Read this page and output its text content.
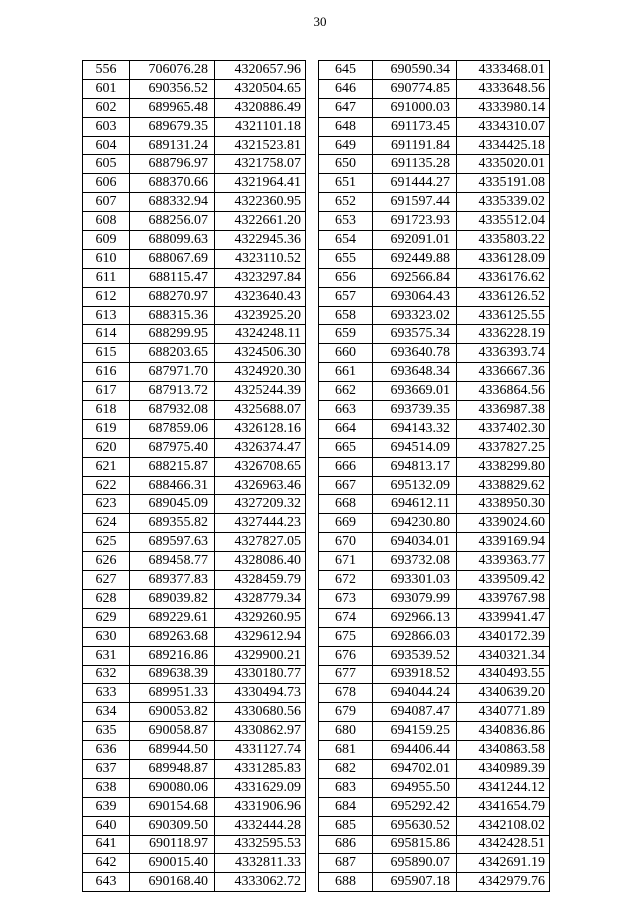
30
556	706076.28	4320657.96
601	690356.52	4320504.65
602	689965.48	4320886.49
603	689679.35	4321101.18
604	689131.24	4321523.81
605	688796.97	4321758.07
606	688370.66	4321964.41
607	688332.94	4322360.95
608	688256.07	4322661.20
609	688099.63	4322945.36
610	688067.69	4323110.52
611	688115.47	4323297.84
612	688270.97	4323640.43
613	688315.36	4323925.20
614	688299.95	4324248.11
615	688203.65	4324506.30
616	687971.70	4324920.30
617	687913.72	4325244.39
618	687932.08	4325688.07
619	687859.06	4326128.16
620	687975.40	4326374.47
621	688215.87	4326708.65
622	688466.31	4326963.46
623	689045.09	4327209.32
624	689355.82	4327444.23
625	689597.63	4327827.05
626	689458.77	4328086.40
627	689377.83	4328459.79
628	689039.82	4328779.34
629	689229.61	4329260.95
630	689263.68	4329612.94
631	689216.86	4329900.21
632	689638.39	4330180.77
633	689951.33	4330494.73
634	690053.82	4330680.56
635	690058.87	4330862.97
636	689944.50	4331127.74
637	689948.87	4331285.83
638	690080.06	4331629.09
639	690154.68	4331906.96
640	690309.50	4332444.28
641	690118.97	4332595.53
642	690015.40	4332811.33
643	690168.40	4333062.72
645	690590.34	4333468.01
646	690774.85	4333648.56
647	691000.03	4333980.14
648	691173.45	4334310.07
649	691191.84	4334425.18
650	691135.28	4335020.01
651	691444.27	4335191.08
652	691597.44	4335339.02
653	691723.93	4335512.04
654	692091.01	4335803.22
655	692449.88	4336128.09
656	692566.84	4336176.62
657	693064.43	4336126.52
658	693323.02	4336125.55
659	693575.34	4336228.19
660	693640.78	4336393.74
661	693648.34	4336667.36
662	693669.01	4336864.56
663	693739.35	4336987.38
664	694143.32	4337402.30
665	694514.09	4337827.25
666	694813.17	4338299.80
667	695132.09	4338829.62
668	694612.11	4338950.30
669	694230.80	4339024.60
670	694034.01	4339169.94
671	693732.08	4339363.77
672	693301.03	4339509.42
673	693079.99	4339767.98
674	692966.13	4339941.47
675	692866.03	4340172.39
676	693539.52	4340321.34
677	693918.52	4340493.55
678	694044.24	4340639.20
679	694087.47	4340771.89
680	694159.25	4340836.86
681	694406.44	4340863.58
682	694702.01	4340989.39
683	694955.50	4341244.12
684	695292.42	4341654.79
685	695630.52	4342108.02
686	695815.86	4342428.51
687	695890.07	4342691.19
688	695907.18	4342979.76
